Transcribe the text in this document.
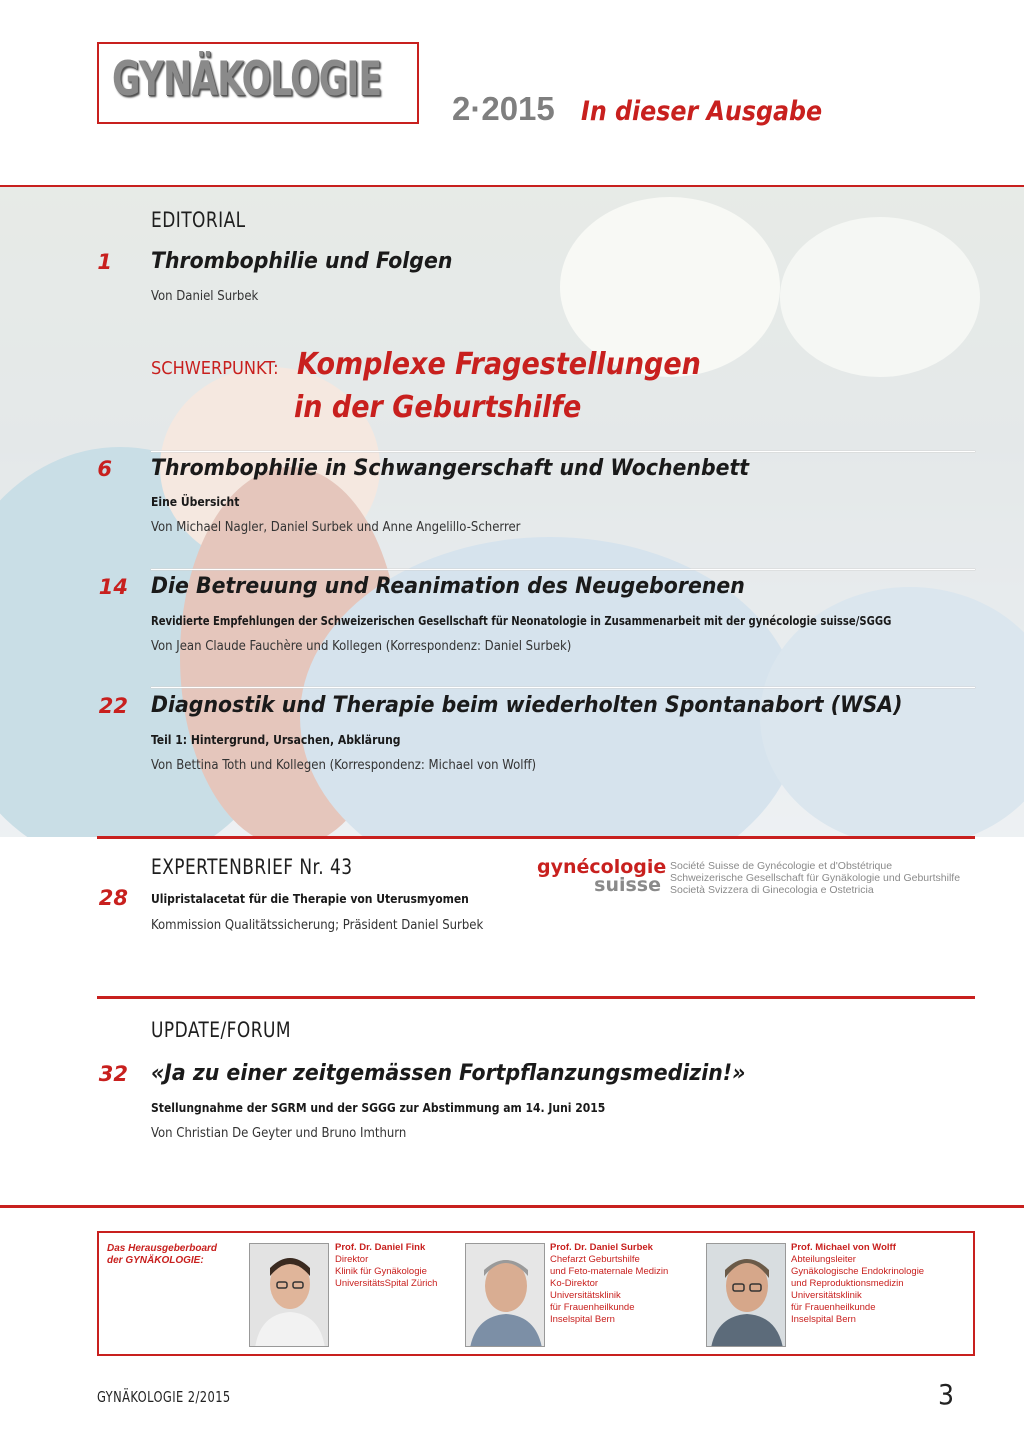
GYNÄKOLOGIE
2·2015 In dieser Ausgabe
EDITORIAL
1 Thrombophilie und Folgen
Von Daniel Surbek
SCHWERPUNKT: Komplexe Fragestellungen
in der Geburtshilfe
6 Thrombophilie in Schwangerschaft und Wochenbett
Eine Übersicht
Von Michael Nagler, Daniel Surbek und Anne Angelillo-Scherrer
14 Die Betreuung und Reanimation des Neugeborenen
Revidierte Empfehlungen der Schweizerischen Gesellschaft für Neonatologie in Zusammenarbeit mit der gynécologie suisse/SGGG
Von Jean Claude Fauchère und Kollegen (Korrespondenz: Daniel Surbek)
22 Diagnostik und Therapie beim wiederholten Spontanabort (WSA)
Teil 1: Hintergrund, Ursachen, Abklärung
Von Bettina Toth und Kollegen (Korrespondenz: Michael von Wolff)
EXPERTENBRIEF Nr. 43
28 Ulipristalacetat für die Therapie von Uterusmyomen
Kommission Qualitätssicherung; Präsident Daniel Surbek
gynécologie
suisse
Société Suisse de Gynécologie et d'Obstétrique
Schweizerische Gesellschaft für Gynäkologie und Geburtshilfe
Società Svizzera di Ginecologia e Ostetricia
UPDATE/FORUM
32 «Ja zu einer zeitgemässen Fortpflanzungsmedizin!»
Stellungnahme der SGRM und der SGGG zur Abstimmung am 14. Juni 2015
Von Christian De Geyter und Bruno Imthurn
Das Herausgeberboard
der GYNÄKOLOGIE:
Prof. Dr. Daniel Fink
Direktor
Klinik für Gynäkologie
UniversitätsSpital Zürich
Prof. Dr. Daniel Surbek
Chefarzt Geburtshilfe
und Feto-maternale Medizin
Ko-Direktor
Universitätsklinik
für Frauenheilkunde
Inselspital Bern
Prof. Michael von Wolff
Abteilungsleiter
Gynäkologische Endokrinologie
und Reproduktionsmedizin
Universitätsklinik
für Frauenheilkunde
Inselspital Bern
GYNÄKOLOGIE 2/2015	3
